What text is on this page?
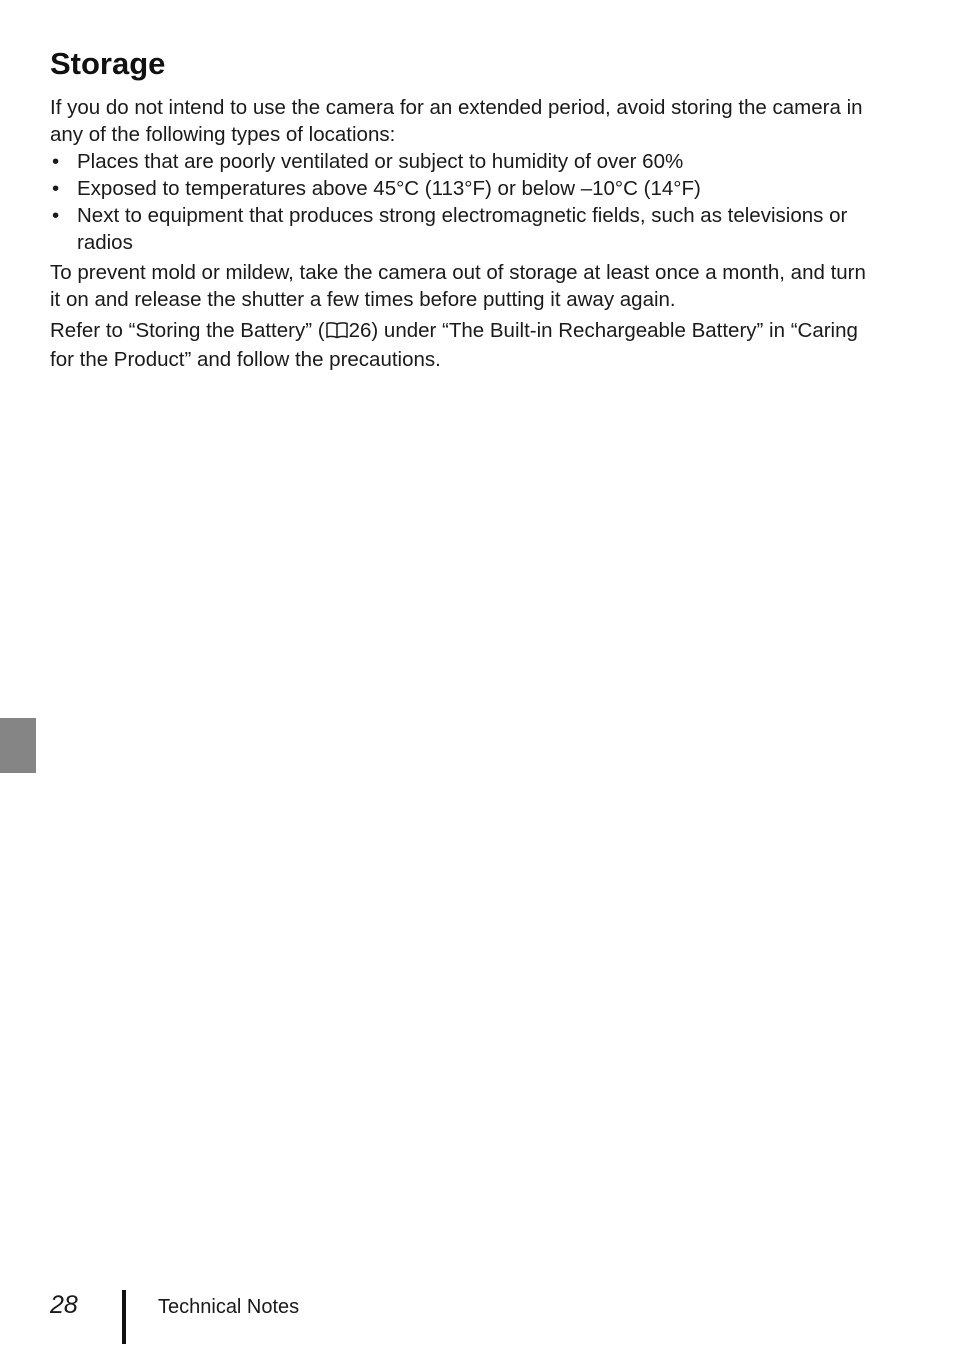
Storage

If you do not intend to use the camera for an extended period, avoid storing the camera in any of the following types of locations:

• Places that are poorly ventilated or subject to humidity of over 60%
• Exposed to temperatures above 45°C (113°F) or below –10°C (14°F)
• Next to equipment that produces strong electromagnetic fields, such as televisions or radios

To prevent mold or mildew, take the camera out of storage at least once a month, and turn it on and release the shutter a few times before putting it away again.

Refer to “Storing the Battery” ( 26) under “The Built-in Rechargeable Battery” in “Caring for the Product” and follow the precautions.

28	Technical Notes
